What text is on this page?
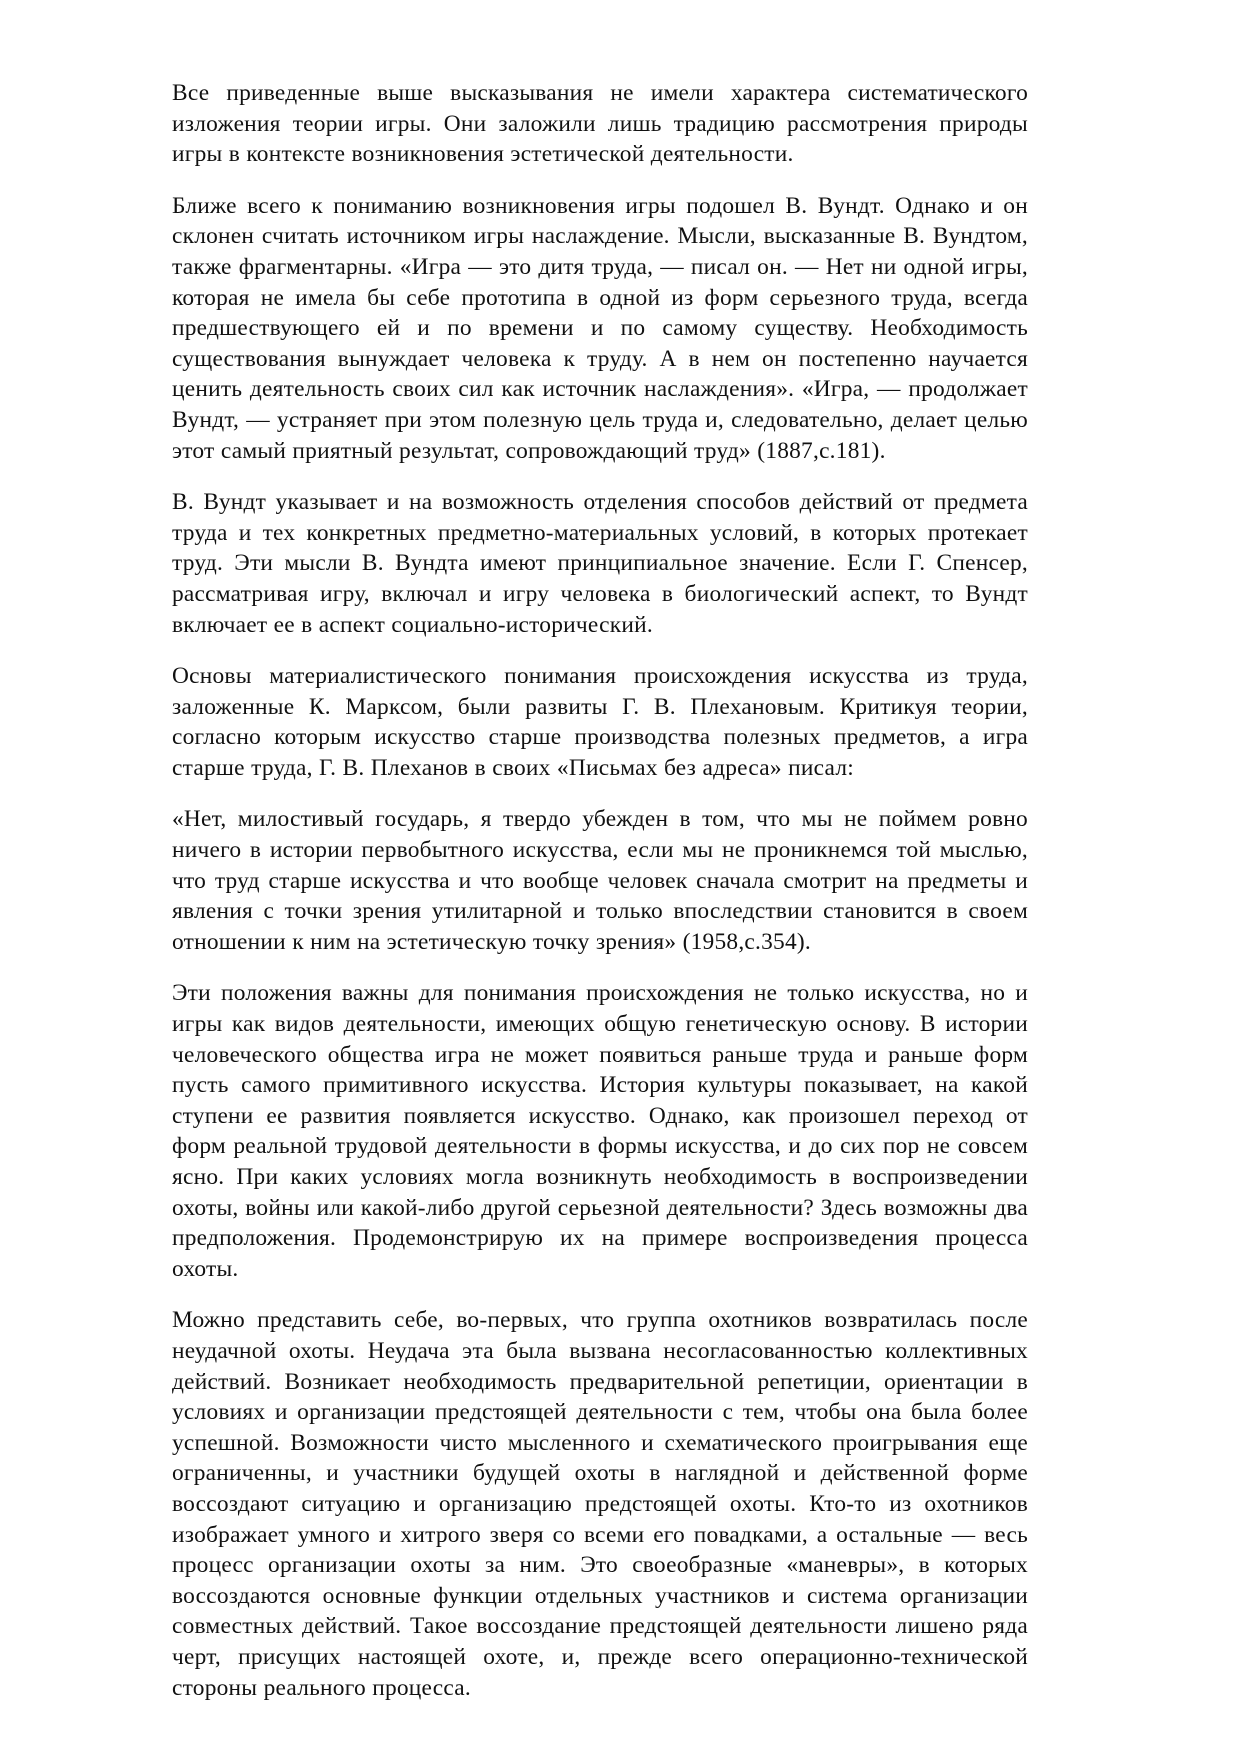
Все приведенные выше высказывания не имели характера систематического изложения теории игры. Они заложили лишь традицию рассмотрения природы игры в контексте возникновения эстетической деятельности.

Ближе всего к пониманию возникновения игры подошел В. Вундт. Однако и он склонен считать источником игры наслаждение. Мысли, высказанные В. Вундтом, также фрагментарны. «Игра — это дитя труда, — писал он. — Нет ни одной игры, которая не имела бы себе прототипа в одной из форм серьезного труда, всегда предшествующего ей и по времени и по самому существу. Необходимость существования вынуждает человека к труду. А в нем он постепенно научается ценить деятельность своих сил как источник наслаждения». «Игра, — продолжает Вундт, — устраняет при этом полезную цель труда и, следовательно, делает целью этот самый приятный результат, сопровождающий труд» (1887,с.181).

В. Вундт указывает и на возможность отделения способов действий от предмета труда и тех конкретных предметно-материальных условий, в которых протекает труд. Эти мысли В. Вундта имеют принципиальное значение. Если Г. Спенсер, рассматривая игру, включал и игру человека в биологический аспект, то Вундт включает ее в аспект социально-исторический.

Основы материалистического понимания происхождения искусства из труда, заложенные К. Марксом, были развиты Г. В. Плехановым. Критикуя теории, согласно которым искусство старше производства полезных предметов, а игра старше труда, Г. В. Плеханов в своих «Письмах без адреса» писал:

«Нет, милостивый государь, я твердо убежден в том, что мы не поймем ровно ничего в истории первобытного искусства, если мы не проникнемся той мыслью, что труд старше искусства и что вообще человек сначала смотрит на предметы и явления с точки зрения утилитарной и только впоследствии становится в своем отношении к ним на эстетическую точку зрения» (1958,с.354).

Эти положения важны для понимания происхождения не только искусства, но и игры как видов деятельности, имеющих общую генетическую основу. В истории человеческого общества игра не может появиться раньше труда и раньше форм пусть самого примитивного искусства. История культуры показывает, на какой ступени ее развития появляется искусство. Однако, как произошел переход от форм реальной трудовой деятельности в формы искусства, и до сих пор не совсем ясно. При каких условиях могла возникнуть необходимость в воспроизведении охоты, войны или какой-либо другой серьезной деятельности? Здесь возможны два предположения. Продемонстрирую их на примере воспроизведения процесса охоты.

Можно представить себе, во-первых, что группа охотников возвратилась после неудачной охоты. Неудача эта была вызвана несогласованностью коллективных действий. Возникает необходимость предварительной репетиции, ориентации в условиях и организации предстоящей деятельности с тем, чтобы она была более успешной. Возможности чисто мысленного и схематического проигрывания еще ограниченны, и участники будущей охоты в наглядной и действенной форме воссоздают ситуацию и организацию предстоящей охоты. Кто-то из охотников изображает умного и хитрого зверя со всеми его повадками, а остальные — весь процесс организации охоты за ним. Это своеобразные «маневры», в которых воссоздаются основные функции отдельных участников и система организации совместных действий. Такое воссоздание предстоящей деятельности лишено ряда черт, присущих настоящей охоте, и, прежде всего операционно-технической стороны реального процесса.
